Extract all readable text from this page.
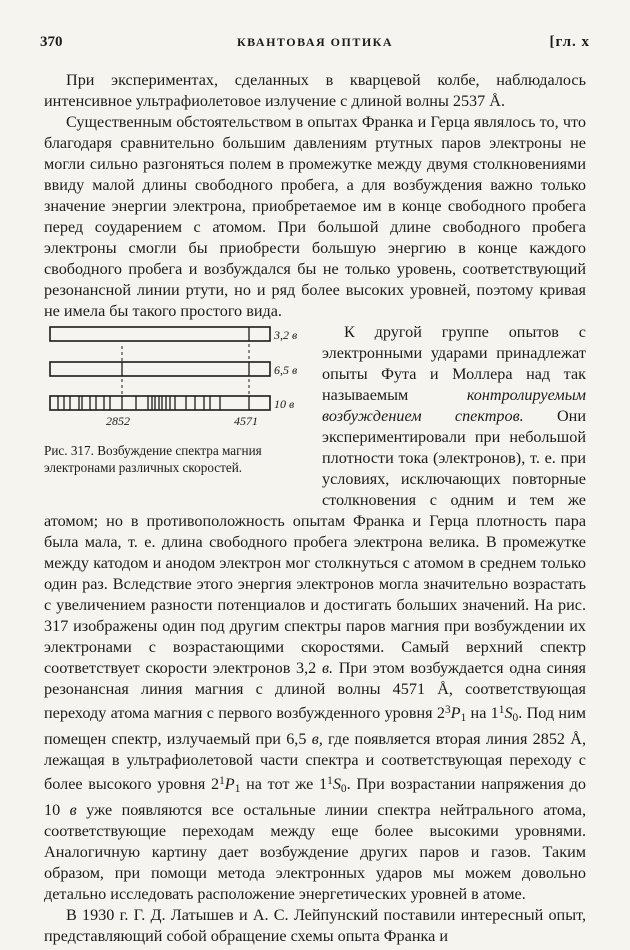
370	КВАНТОВАЯ ОПТИКА	[гл. x

При экспериментах, сделанных в кварцевой колбе, наблюдалось интенсивное ультрафиолетовое излучение с длиной волны 2537 Å.

Существенным обстоятельством в опытах Франка и Герца являлось то, что благодаря сравнительно большим давлениям ртутных паров электроны не могли сильно разгоняться полем в промежутке между двумя столкновениями ввиду малой длины свободного пробега, а для возбуждения важно только значение энергии электрона, приобретаемое им в конце свободного пробега перед соударением с атомом. При большой длине свободного пробега электроны смогли бы приобрести большую энергию в конце каждого свободного пробега и возбуждался бы не только уровень, соответствующий резонансной линии ртути, но и ряд более высоких уровней, поэтому кривая не имела бы такого простого вида.

3,2 в
6,5 в
10 в
2852	4571
Рис. 317. Возбуждение спектра магния электронами различных скоростей.

К другой группе опытов с электронными ударами принадлежат опыты Фута и Моллера над так называемым контролируемым возбуждением спектров. Они экспериментировали при небольшой плотности тока (электронов), т. е. при условиях, исключающих повторные столкновения с одним и тем же атомом; но в противоположность опытам Франка и Герца плотность пара была мала, т. е. длина свободного пробега электрона велика. В промежутке между катодом и анодом электрон мог столкнуться с атомом в среднем только один раз. Вследствие этого энергия электронов могла значительно возрастать с увеличением разности потенциалов и достигать больших значений. На рис. 317 изображены один под другим спектры паров магния при возбуждении их электронами с возрастающими скоростями. Самый верхний спектр соответствует скорости электронов 3,2 в. При этом возбуждается одна синяя резонансная линия магния с длиной волны 4571 Å, соответствующая переходу атома магния с первого возбужденного уровня $2^3P_1$ на $1^1S_0$. Под ним помещен спектр, излучаемый при 6,5 в, где появляется вторая линия 2852 Å, лежащая в ультрафиолетовой части спектра и соответствующая переходу с более высокого уровня $2^1P_1$ на тот же $1^1S_0$. При возрастании напряжения до 10 в уже появляются все остальные линии спектра нейтрального атома, соответствующие переходам между еще более высокими уровнями. Аналогичную картину дает возбуждение других паров и газов. Таким образом, при помощи метода электронных ударов мы можем довольно детально исследовать расположение энергетических уровней в атоме.

В 1930 г. Г. Д. Латышев и А. С. Лейпунский поставили интересный опыт, представляющий собой обращение схемы опыта Франка и
